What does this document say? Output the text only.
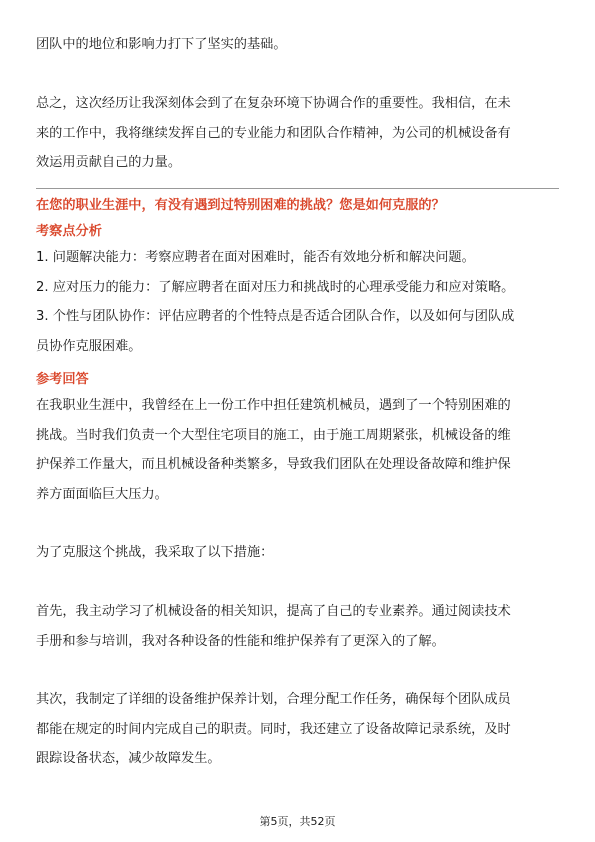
团队中的地位和影响力打下了坚实的基础。

总之，这次经历让我深刻体会到了在复杂环境下协调合作的重要性。我相信，在未
来的工作中，我将继续发挥自己的专业能力和团队合作精神，为公司的机械设备有
效运用贡献自己的力量。

在您的职业生涯中，有没有遇到过特别困难的挑战？您是如何克服的？
考察点分析

1. 问题解决能力：考察应聘者在面对困难时，能否有效地分析和解决问题。
2. 应对压力的能力：了解应聘者在面对压力和挑战时的心理承受能力和应对策略。
3. 个性与团队协作：评估应聘者的个性特点是否适合团队合作，以及如何与团队成
员协作克服困难。

参考回答

在我职业生涯中，我曾经在上一份工作中担任建筑机械员，遇到了一个特别困难的
挑战。当时我们负责一个大型住宅项目的施工，由于施工周期紧张，机械设备的维
护保养工作量大，而且机械设备种类繁多，导致我们团队在处理设备故障和维护保
养方面面临巨大压力。

为了克服这个挑战，我采取了以下措施：

首先，我主动学习了机械设备的相关知识，提高了自己的专业素养。通过阅读技术
手册和参与培训，我对各种设备的性能和维护保养有了更深入的了解。

其次，我制定了详细的设备维护保养计划，合理分配工作任务，确保每个团队成员
都能在规定的时间内完成自己的职责。同时，我还建立了设备故障记录系统，及时
跟踪设备状态，减少故障发生。

第5页，共52页
